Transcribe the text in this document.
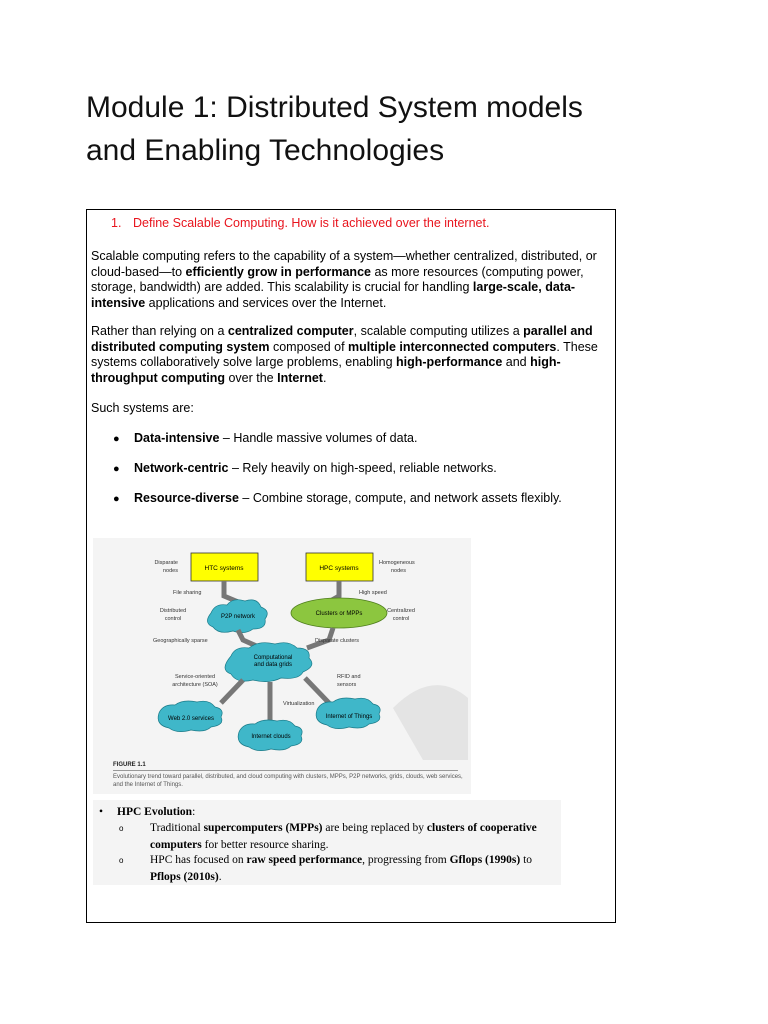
Module 1: Distributed System models
and Enabling Technologies
1. Define Scalable Computing. How is it achieved over the internet.

Scalable computing refers to the capability of a system—whether centralized, distributed, or cloud-based—to efficiently grow in performance as more resources (computing power, storage, bandwidth) are added. This scalability is crucial for handling large-scale, data-intensive applications and services over the Internet.

Rather than relying on a centralized computer, scalable computing utilizes a parallel and distributed computing system composed of multiple interconnected computers. These systems collaboratively solve large problems, enabling high-performance and high-throughput computing over the Internet.

Such systems are:

● Data-intensive – Handle massive volumes of data.
● Network-centric – Rely heavily on high-speed, reliable networks.
● Resource-diverse – Combine storage, compute, and network assets flexibly.
HTC systems	HPC systems
Disparate
nodes
Homogeneous
nodes
File sharing	High speed
P2P network
Distributed
control
Clusters or MPPs	Centralized
control
Geographically sparse	Disparate clusters
Computational
and data grids
Service-oriented
architecture (SOA)
RFID and
sensors
Virtualization
Web 2.0 services	Internet of Things
Internet clouds
FIGURE 1.1
Evolutionary trend toward parallel, distributed, and cloud computing with clusters, MPPs, P2P networks, grids, clouds, web services, and the Internet of Things.
• HPC Evolution:
o Traditional supercomputers (MPPs) are being replaced by clusters of cooperative
computers for better resource sharing.
o HPC has focused on raw speed performance, progressing from Gflops (1990s) to
Pflops (2010s).
